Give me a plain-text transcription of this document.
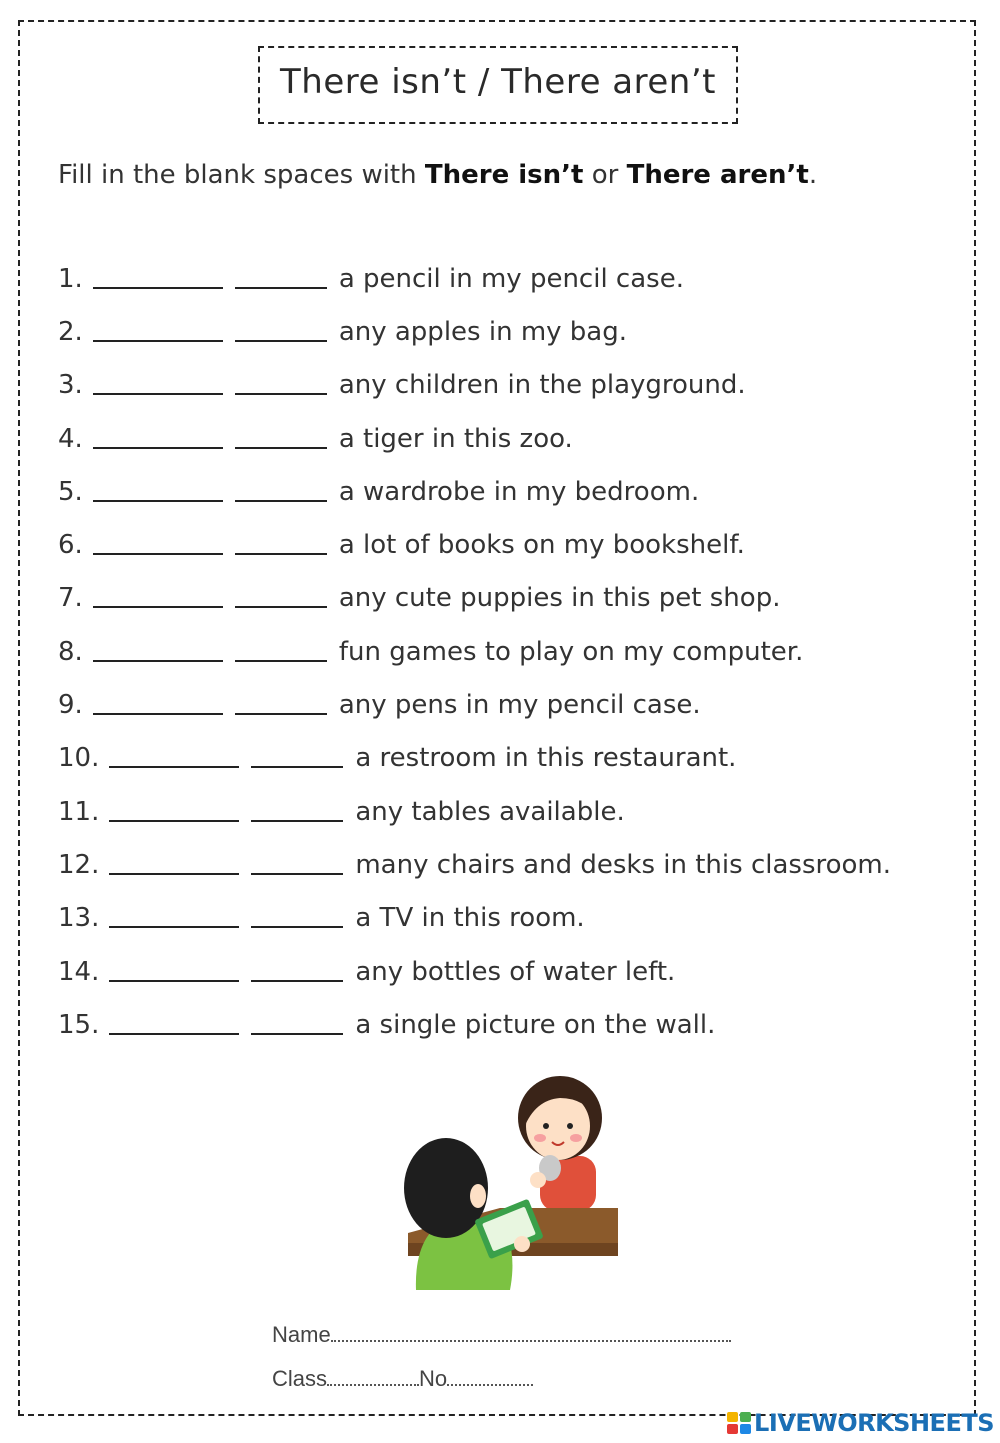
There isn’t / There aren’t
Fill in the blank spaces with There isn’t or There aren’t.
1.	a pencil in my pencil case.
2.	any apples in my bag.
3.	any children in the playground.
4.	a tiger in this zoo.
5.	a wardrobe in my bedroom.
6.	a lot of books on my bookshelf.
7.	any cute puppies in this pet shop.
8.	fun games to play on my computer.
9.	any pens in my pencil case.
10.	a restroom in this restaurant.
11.	any tables available.
12.	many chairs and desks in this classroom.
13.	a TV in this room.
14.	any bottles of water left.
15.	a single picture on the wall.
Name
Class	No
LIVEWORKSHEETS
